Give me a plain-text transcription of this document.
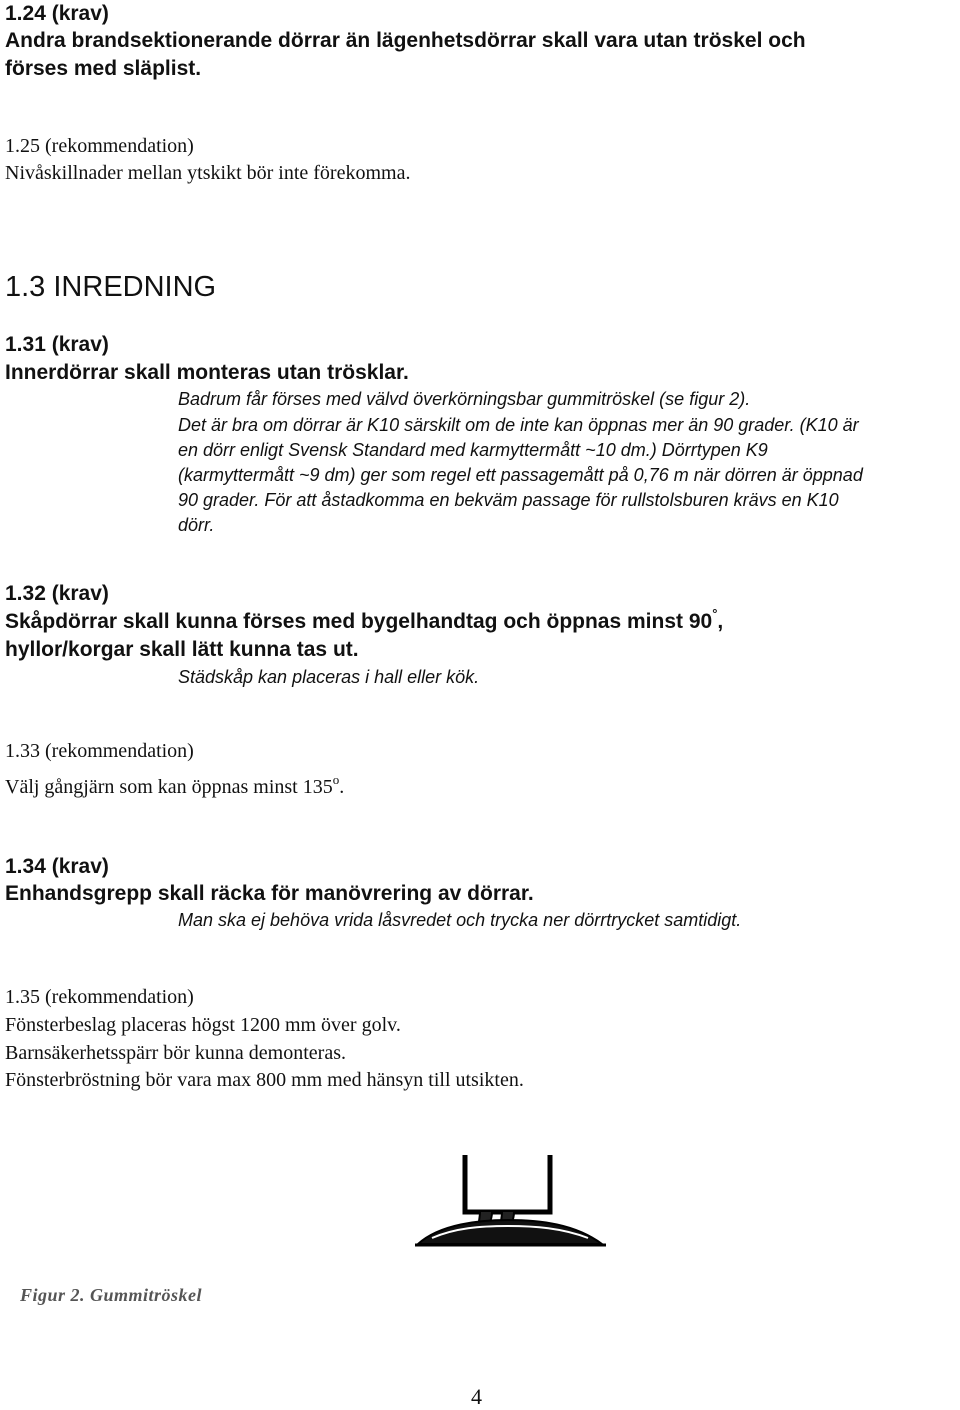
1.24 (krav)
Andra brandsektionerande dörrar än lägenhetsdörrar skall vara utan tröskel och
förses med släplist.
1.25 (rekommendation)
Nivåskillnader mellan ytskikt bör inte förekomma.
1.3 INREDNING
1.31 (krav)
Innerdörrar skall monteras utan trösklar.
Badrum får förses med välvd överkörningsbar gummitröskel (se figur 2).
Det är bra om dörrar är K10 särskilt om de inte kan öppnas mer än 90 grader. (K10 är
en dörr enligt Svensk Standard med karmyttermått ~10 dm.) Dörrtypen K9
(karmyttermått ~9 dm) ger som regel ett passagemått på 0,76 m när dörren är öppnad
90 grader. För att åstadkomma en bekväm passage för rullstolsburen krävs en K10
dörr.
1.32 (krav)
Skåpdörrar skall kunna förses med bygelhandtag och öppnas minst 90°,
hyllor/korgar skall lätt kunna tas ut.
Städskåp kan placeras i hall eller kök.
1.33 (rekommendation)
Välj gångjärn som kan öppnas minst 135$^o$.
1.34 (krav)
Enhandsgrepp skall räcka för manövrering av dörrar.
Man ska ej behöva vrida låsvredet och trycka ner dörrtrycket samtidigt.
1.35 (rekommendation)
Fönsterbeslag placeras högst 1200 mm över golv.
Barnsäkerhetsspärr bör kunna demonteras.
Fönsterbröstning bör vara max 800 mm med hänsyn till utsikten.
Figur 2. Gummitröskel
4
